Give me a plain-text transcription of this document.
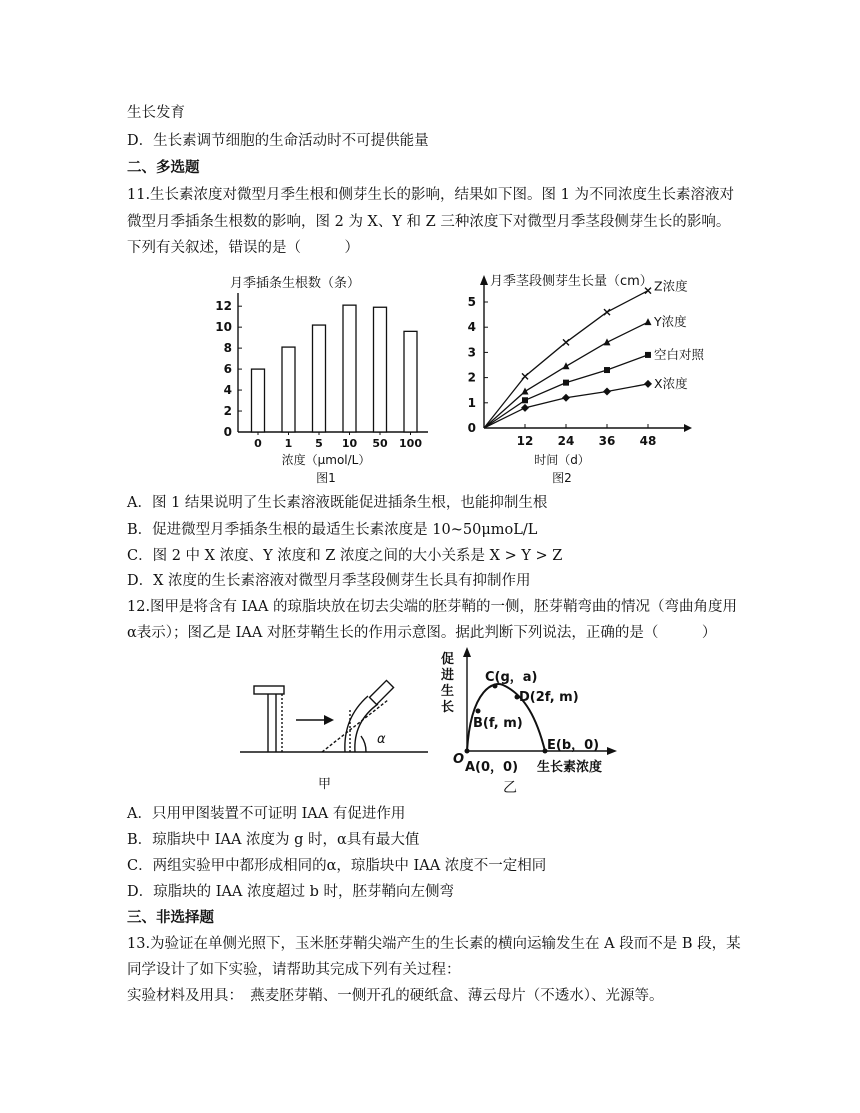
生长发育
D．生长素调节细胞的生命活动时不可提供能量
二、多选题
11.生长素浓度对微型月季生根和侧芽生长的影响，结果如下图。图 1 为不同浓度生长素溶液对
微型月季插条生根数的影响，图 2 为 X、Y 和 Z 三种浓度下对微型月季茎段侧芽生长的影响。
下列有关叙述，错误的是（　　　）
月季插条生根数（条）
0
2
4
6
8
10
12
0 1 5 10 50 100
浓度（μmol/L）
图1
月季茎段侧芽生长量（cm）
0
1
2
3
4
5
12 24 36 48
Z浓度
Y浓度
空白对照
X浓度
时间（d）
图2
A．图 1 结果说明了生长素溶液既能促进插条生根，也能抑制生根
B．促进微型月季插条生根的最适生长素浓度是 10~50μmoL/L
C．图 2 中 X 浓度、Y 浓度和 Z 浓度之间的大小关系是 X > Y > Z
D．X 浓度的生长素溶液对微型月季茎段侧芽生长具有抑制作用
12.图甲是将含有 IAA 的琼脂块放在切去尖端的胚芽鞘的一侧，胚芽鞘弯曲的情况（弯曲角度用
α表示）；图乙是 IAA 对胚芽鞘生长的作用示意图。据此判断下列说法，正确的是（　　　）
α
甲
促
进
生
长
C(g，a)
D(2f, m)
B(f, m)
E(b，0)
O
A(0，0) 生长素浓度
乙
A．只用甲图装置不可证明 IAA 有促进作用
B．琼脂块中 IAA 浓度为 g 时，α具有最大值
C．两组实验甲中都形成相同的α，琼脂块中 IAA 浓度不一定相同
D．琼脂块的 IAA 浓度超过 b 时，胚芽鞘向左侧弯
三、非选择题
13.为验证在单侧光照下，玉米胚芽鞘尖端产生的生长素的横向运输发生在 A 段而不是 B 段，某
同学设计了如下实验，请帮助其完成下列有关过程：
实验材料及用具：　燕麦胚芽鞘、一侧开孔的硬纸盒、薄云母片（不透水）、光源等。
